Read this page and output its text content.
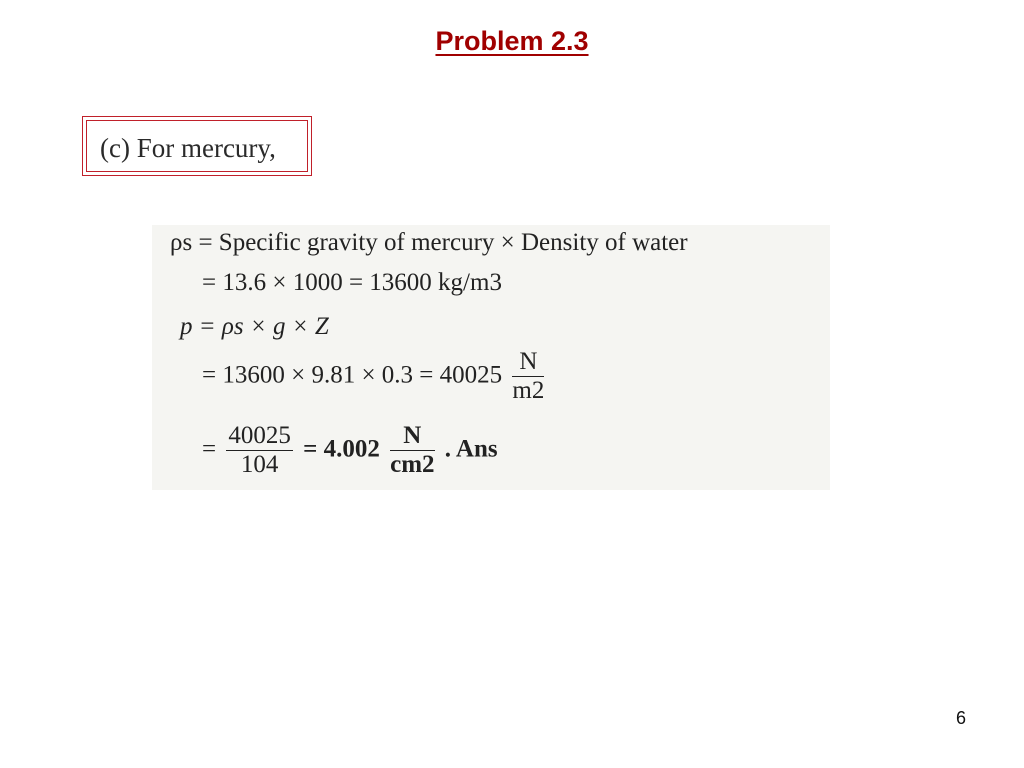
Problem 2.3
(c) For mercury,
ρs = Specific gravity of mercury × Density of water
= 13.6 × 1000 = 13600 kg/m3
p = ρs × g × Z
= $13600 \times 9.81 \times 0.3 = 40025 \frac{N}{m2}$
= $\frac{40025}{104} = 4.002 \frac{N}{cm2}$ . Ans
6
